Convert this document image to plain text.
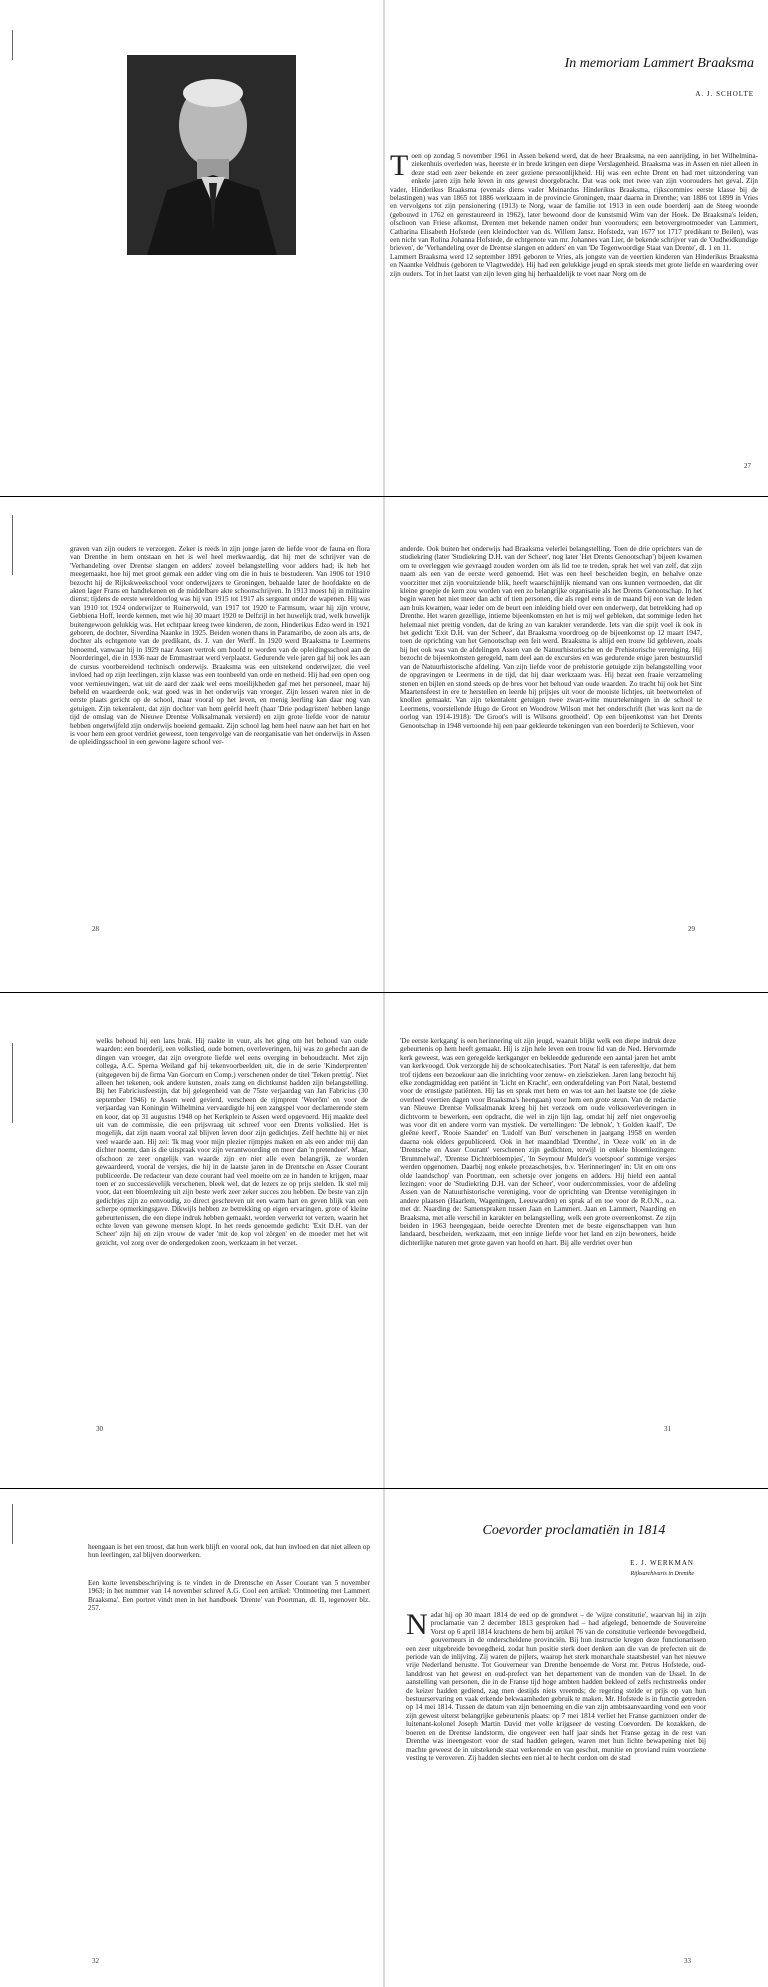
In memoriam Lammert Braaksma
A. J. SCHOLTE

Toen op zondag 5 november 1961 in Assen bekend werd, dat de heer Braaksma, na een aanrijding, in het Wilhelmina-ziekenhuis overleden was, heerste er in brede kringen een diepe Verslagenheid. Braaksma was in Assen en niet alleen in deze stad een zeer bekende en zeer geziene persoonlijkheid. Hij was een echte Drent en had met uitzondering van enkele jaren zijn hele leven in ons gewest doorgebracht. Dat was ook met twee van zijn voorouders het geval. Zijn vader, Hinderikus Braaksma (evenals diens vader Meinardus Hinderikus Braaksma, rijkscommies eerste klasse bij de belastingen) was van 1865 tot 1886 werkzaam in de provincie Groningen, maar daarna in Drenthe; van 1886 tot 1899 in Vries en vervolgens tot zijn pensionering (1913) te Norg, waar de familie tot 1913 in een oude boerderij aan de Steeg woonde (gebouwd in 1762 en gerestaureerd in 1962), later bewoond door de kunstsmid Wim van der Hoek. De Braaksma's leiden, ofschoon van Friese afkomst, Drenten met bekende namen onder hun voorouders; een betovergrootmoeder van Lammert, Catharina Elisabeth Hofstede (een kleindochter van ds. Willem Jansz. Hofstedz, van 1677 tot 1717 predikant te Beilen), was een nicht van Rolina Johanna Hofstede, de echtgenote van mr. Johannes van Lier, de bekende schrijver van de 'Oudheidkundige brieven', de 'Verhandeling over de Drentse slangen en adders' en van 'De Tegenwoordige Staat van Drente', dl. 1 en 11.

Lammert Braaksma werd 12 september 1891 geboren te Vries, als jongste van de veertien kinderen van Hinderikus Braaksma en Naantke Veldhuis (geboren te Vlagtwedde). Hij had een gelukkige jeugd en sprak steeds met grote liefde en waardering over zijn ouders. Tot in het laatst van zijn leven ging hij herhaaldelijk te voet naar Norg om de

27
graven van zijn ouders te verzorgen. Zeker is reeds in zijn jonge jaren de liefde voor de fauna en flora van Drenthe in hem ontstaan en het is wel heel merkwaardig, dat hij met de schrijver van de 'Verhandeling over Drentse slangen en adders' zoveel belangstelling voor adders had; ik heb het meegemaakt, hoe hij met groot gemak een adder ving om die in huis te bestuderen. Van 1906 tot 1910 bezocht hij de Rijkskweekschool voor onderwijzers te Groningen, behaalde later de hoofdakte en de akten lager Frans en handtekenen en de middelbare akte schoonschrijven. In 1913 moest hij in militaire dienst; tijdens de eerste wereldoorlog was hij van 1915 tot 1917 als sergeant onder de wapenen. Hij was van 1910 tot 1924 onderwijzer te Ruinerwold, van 1917 tot 1920 te Farmsum, waar hij zijn vrouw, Gebbiena Hoff, leerde kennen, met wie hij 30 maart 1920 te Delfzijl in het huwelijk trad, welk huwelijk buitengewoon gelukkig was. Het echtpaar kreeg twee kinderen, de zoon, Hinderikus Edzo werd in 1921 geboren, de dochter, Siverdina Naanke in 1925. Beiden wonen thans in Paramaribo, de zoon als arts, de dochter als echtgenote van de predikant, ds. J. van der Werff. In 1920 werd Braaksma te Leermens benoemd, vanwaar hij in 1929 naar Assen vertrok om hoofd te worden van de opleidingsschool aan de Noorderingel, die in 1936 naar de Emmastraat werd verplaatst. Gedurende vele jaren gaf hij ook les aan de cursus voorbereidend technisch onderwijs. Braaksma was een uitstekend onderwijzer, die veel invloed had op zijn leerlingen, zijn klasse was een toonbeeld van orde en netheid. Hij had een open oog voor vernieuwingen, wat uit de aard der zaak wel eens moeilijkheden gaf met het personeel, maar hij beheld en waardeerde ook, wat goed was in het onderwijs van vroeger. Zijn lessen waren niet in de eerste plaats gericht op de school, maar vooral op het leven, en menig leerling kan daar nog van getuigen. Zijn tekentalent, dat zijn dochter van hem geërfd heeft (haar 'Drie podagristen' hebben lange tijd de omslag van de Nieuwe Drentse Volksalmanak versierd) en zijn grote liefde voor de natuur hebben ongetwijfeld zijn onderwijs boeiend gemaakt. Zijn school lag hem heel nauw aan het hart en het is voor hem een groot verdriet geweest, toen tengevolge van de reorganisatie van het onderwijs in Assen de opleidingsschool in een gewone lagere school ver-
28
anderde. Ook buiten het onderwijs had Braaksma velerlei belangstelling. Toen de drie oprichters van de studiekring (later 'Studiekring D.H. van der Scheer', nog later 'Het Drents Genootschap') bijeen kwamen om te overleggen wie gevraagd zouden worden om als lid toe te treden, sprak het wel van zelf, dat zijn naam als een van de eerste werd genoemd. Het was een heel bescheiden begin, en behalve onze voorzitter met zijn vooruitziende blik, heeft waarschijnlijk niemand van ons kunnen vermoeden, dat dit kleine groepje de kern zou worden van een zo belangrijke organisatie als het Drents Genootschap. In het begin waren het niet meer dan acht of tien personen, die als regel eens in de maand bij een van de leden aan huis kwamen, waar ieder om de beurt een inleiding hield over een onderwerp, dat betrekking had op Drenthe. Het waren gezellige, intieme bijeenkomsten en het is mij wel gebleken, dat sommige leden het helemaal niet prettig vonden, dat de kring zo van karakter veranderde. Iets van die spijt voel ik ook in het gedicht 'Exit D.H. van der Scheer', dat Braaksma voordroeg op de bijeenkomst op 12 maart 1947, toen de oprichting van het Genootschap een feit werd. Braaksma is altijd een trouw lid gebleven, zoals hij het ook was van de afdelingen Assen van de Natuurhistorische en de Prehistorische vereniging. Hij bezocht de bijeenkomsten geregeld, nam deel aan de excursies en was gedurende enige jaren bestuurslid van de Natuurhistorische afdeling. Van zijn liefde voor de prehistorie getuigde zijn belangstelling voor de opgravingen te Leermens in de tijd, dat hij daar werkzaam was. Hij bezat een fraaie verzameling stenen en bijlen en stond steeds op de bres voor het behoud van oude waarden. Zo tracht hij ook het Sint Maartensfeest in ere te herstellen en leerde hij prijsjes uit voor de mooiste lichtjes, uit beetwortelen of knollen gemaakt. Van zijn tekentalent getuigen twee zwart-witte muurtekeningen in de school te Leermens, voorstellende Hugo de Groot en Woodrow Wilson met het onderschrift (het was kort na de oorlog van 1914-1918): 'De Groot's will is Wilsons grootheid'. Op een bijeenkomst van het Drents Genootschap in 1948 vertoonde hij een paar gekleurde tekeningen van een boerderij te Schieven, voor
29
welks behoud hij een lans brak. Hij raakte in vuur, als het ging om het behoud van oude waarden: een boerderij, een volkslied, oude bomen, overleveringen, hij was zo gehecht aan de dingen van vroeger, dat zijn overgrote liefde wel eens overging in behoudzucht. Met zijn collega, A.C. Sperna Weiland gaf hij tekenvoorbeelden uit, die in de serie 'Kinderprenten' (uitgegeven bij de firma Van Gorcum en Comp.) verschenen onder de titel 'Teken prettig'. Niet alleen het tekenen, ook andere kunsten, zoals zang en dichtkunst hadden zijn belangstelling. Bij het Fabriciusfeestijn, dat bij gelegenheid van de 75ste verjaardag van Jan Fabricius (30 september 1946) te Assen werd gevierd, verscheen de rijmprent 'Weerôm' en voor de verjaardag van Koningin Wilhelmina vervaardigde hij een zangspel voor declamerende stem en koor, dat op 31 augustus 1948 op het Kerkplein te Assen werd opgevoerd. Hij maakte deel uit van de commissie, die een prijsvraag uit schreef voor een Drents volkslied. Het is mogelijk, dat zijn naam vooral zal blijven leven door zijn gedichtjes. Zelf hechtte hij er niet veel waarde aan. Hij zei: 'Ik mag voor mijn plezier rijmpjes maken en als een ander mij dan dichter noemt, dan is die uitspraak voor zijn verantwoording en meer dan 'n pretendeer'. Maar, ofschoon ze zeer ongelijk van waarde zijn en niet alle even belangrijk, ze worden gewaardeerd, vooral de versjes, die hij in de laatste jaren in de Drentsche en Asser Courant publiceerde. De redacteur van deze courant had veel moeite om ze in handen te krijgen, maar toen er zo successievelijk verschenen, bleek wel, dat de lezers ze op prijs stelden. Ik stel mij voor, dat een bloemlezing uit zijn beste werk zeer zeker succes zou hebben. De beste van zijn gedichtjes zijn zo eenvoudig, zo direct geschreven uit een warm hart en geven blijk van een scherpe opmerkingsgave. Dikwijls hebben ze betrekking op eigen ervaringen, grote of kleine gebeurtenissen, die een diepe indruk hebben gemaakt, worden verwerkt tot verzen, waarin het echte leven van gewone mensen klopt. In het reeds genoemde gedicht: 'Exit D.H. van der Scheer' zijn hij en zijn vrouw de vader 'mit de kop vol zörgen' en de moeder met het wit gezicht, vol zorg over de ondergedoken zoon, werkzaam in het verzet.
30
'De eerste kerkgang' is een herinnering uit zijn jeugd, waaruit blijkt welk een diepe indruk deze gebeurtenis op hem heeft gemaakt. Hij is zijn hele leven een trouw lid van de Ned. Hervormde kerk geweest, was een geregelde kerkganger en bekleedde gedurende een aantal jaren het ambt van kerkvoogd. Ook verzorgde hij de schoolcatechisaties. 'Port Natal' is een tafereeltje, dat hem trof tijdens een bezoekuur aan die inrichting voor zenuw- en zielszieken. Jaren lang bezocht hij elke zondagmiddag een patiënt in 'Licht en Kracht', een onderafdeling van Port Natal, bestemd voor de ernstigste patiënten. Hij las en sprak met hem en was tot aan het laatste toe (de zieke overleed veertien dagen voor Braaksma's heengaan) voor hem een grote steun. Van de redactie van Nieuwe Drentse Volksalmanak kreeg hij het verzoek om oude volksoverleveringen in dichtvorm te bewerken, een opdracht, die wel in zijn lijn lag, omdat hij zelf niet ongevoelig was voor dit en andere vorm van mystiek. De vertellingen: 'De lebnok', 't Golden kaalf', 'De gleêne keerl', 'Rooie Saander' en 'Ludolf van Bun' verschenen in jaargang 1958 en werden daarna ook elders gepubliceerd. Ook in het maandblad 'Drenthe', in 'Oeze volk' en in de 'Drentsche en Asser Courant' verschenen zijn gedichten, terwijl in enkele bloemlezingen: 'Brummelwal', 'Drentse Dichterbloempjes', 'In Seymour Mulder's voetspoor' sommige versjes werden opgenomen. Daarbij nog enkele prozaschetsjes, b.v. 'Herinneringen' in: Uit en om ons olde laandschop' van Poortman, een schetsje over jongens en adders. Hij hield een aantal lezingen: voor de 'Studiekring D.H. van der Scheer', voor oudercommissies, voor de afdeling Assen van de Natuurhistorische vereniging, voor de oprichting van Drentse verenigingen in andere plaatsen (Haarlem, Wageningen, Leeuwarden) en sprak af en toe voor de R.O.N., o.a. met dr. Naarding de: Samenspraken tussen Jaan en Lammert. Jaan en Lammert, Naarding en Braaksma, met alle verschil in karakter en belangstelling, welk een grote overeenkomst. Ze zijn beiden in 1963 heengegaan, beide oerechte Drenten met de beste eigenschappen van hun landaard, bescheiden, werkzaam, met een innige liefde voor het land en zijn bewoners, heide dichterlijke naturen met grote gaven van hoofd en hart. Bij alle verdriet over hun
31
heengaan is het een troost, dat hun werk blijft en vooral ook, dat hun invloed en dat niet alleen op hun leerlingen, zal blijven doorwerken.
Een korte levensbeschrijving is te vinden in de Drentsche en Asser Courant van 5 november 1963; in het nummer van 14 november schreef A.G. Cool een artikel: 'Ontmoeting met Lammert Braaksma'. Een portret vindt men in het handboek 'Drente' van Poortman, dl. II, tegenover blz. 257.
32
Coevorder proclamatiën in 1814
E. J. WERKMAN
Rijksarchivaris in Drenthe

Nadat hij op 30 maart 1814 de eed op de grondwet – de 'wijze constitutie', waarvan hij in zijn proclamatie van 2 december 1813 gesproken had – had afgelegd, benoemde de Souvereine Vorst op 6 april 1814 krachtens de hem bij artikel 76 van de constitutie verleende bevoegdheid, gouverneurs in de onderscheidene provinciën. Bij hun instructie kregen deze functionarissen een zeer uitgebreide bevoegdheid, zodat hun positie sterk doet denken aan die van de prefecten uit de periode van de inlijving. Zij waren de pijlers, waarop het sterk monarchale staatsbestel van het nieuwe vrije Nederland berustte. Tot Gouverneur van Drenthe benoemde de Vorst mr. Petrus Hofstede, oud-landdrost van het gewest en oud-prefect van het departement van de monden van de IJssel. In de aanstelling van personen, die in de Franse tijd hoge ambten hadden bekleed of zelfs rechtstreeks onder de keizer hadden gediend, zag men destijds niets vreemds; de regering stelde er prijs op van hun bestuurservaring en vaak erkende bekwaamheden gebruik te maken. Mr. Hofstede is in functie getreden op 14 mei 1814. Tussen de datum van zijn benoeming en die van zijn ambtsaanvaarding vond een voor zijn gewest uiterst belangrijke gebeurtenis plaats: op 7 mei 1814 verliet het Franse garnizoen onder de luitenant-kolonel Joseph Martin David met volle krijgseer de vesting Coevorden. De kozakken, de boeren en de Drentse landstorm, die ongeveer een half jaar sinds het Franse gezag in de rest van Drenthe was ineengestort voor de stad hadden gelegen, waren met hun lichte bewapening niet bij machte geweest de in uitstekende staat verkerende en van geschut, munitie en proviand ruim voorziene vesting te veroveren. Zij hadden slechts een niet al te hecht cordon om de stad

33
